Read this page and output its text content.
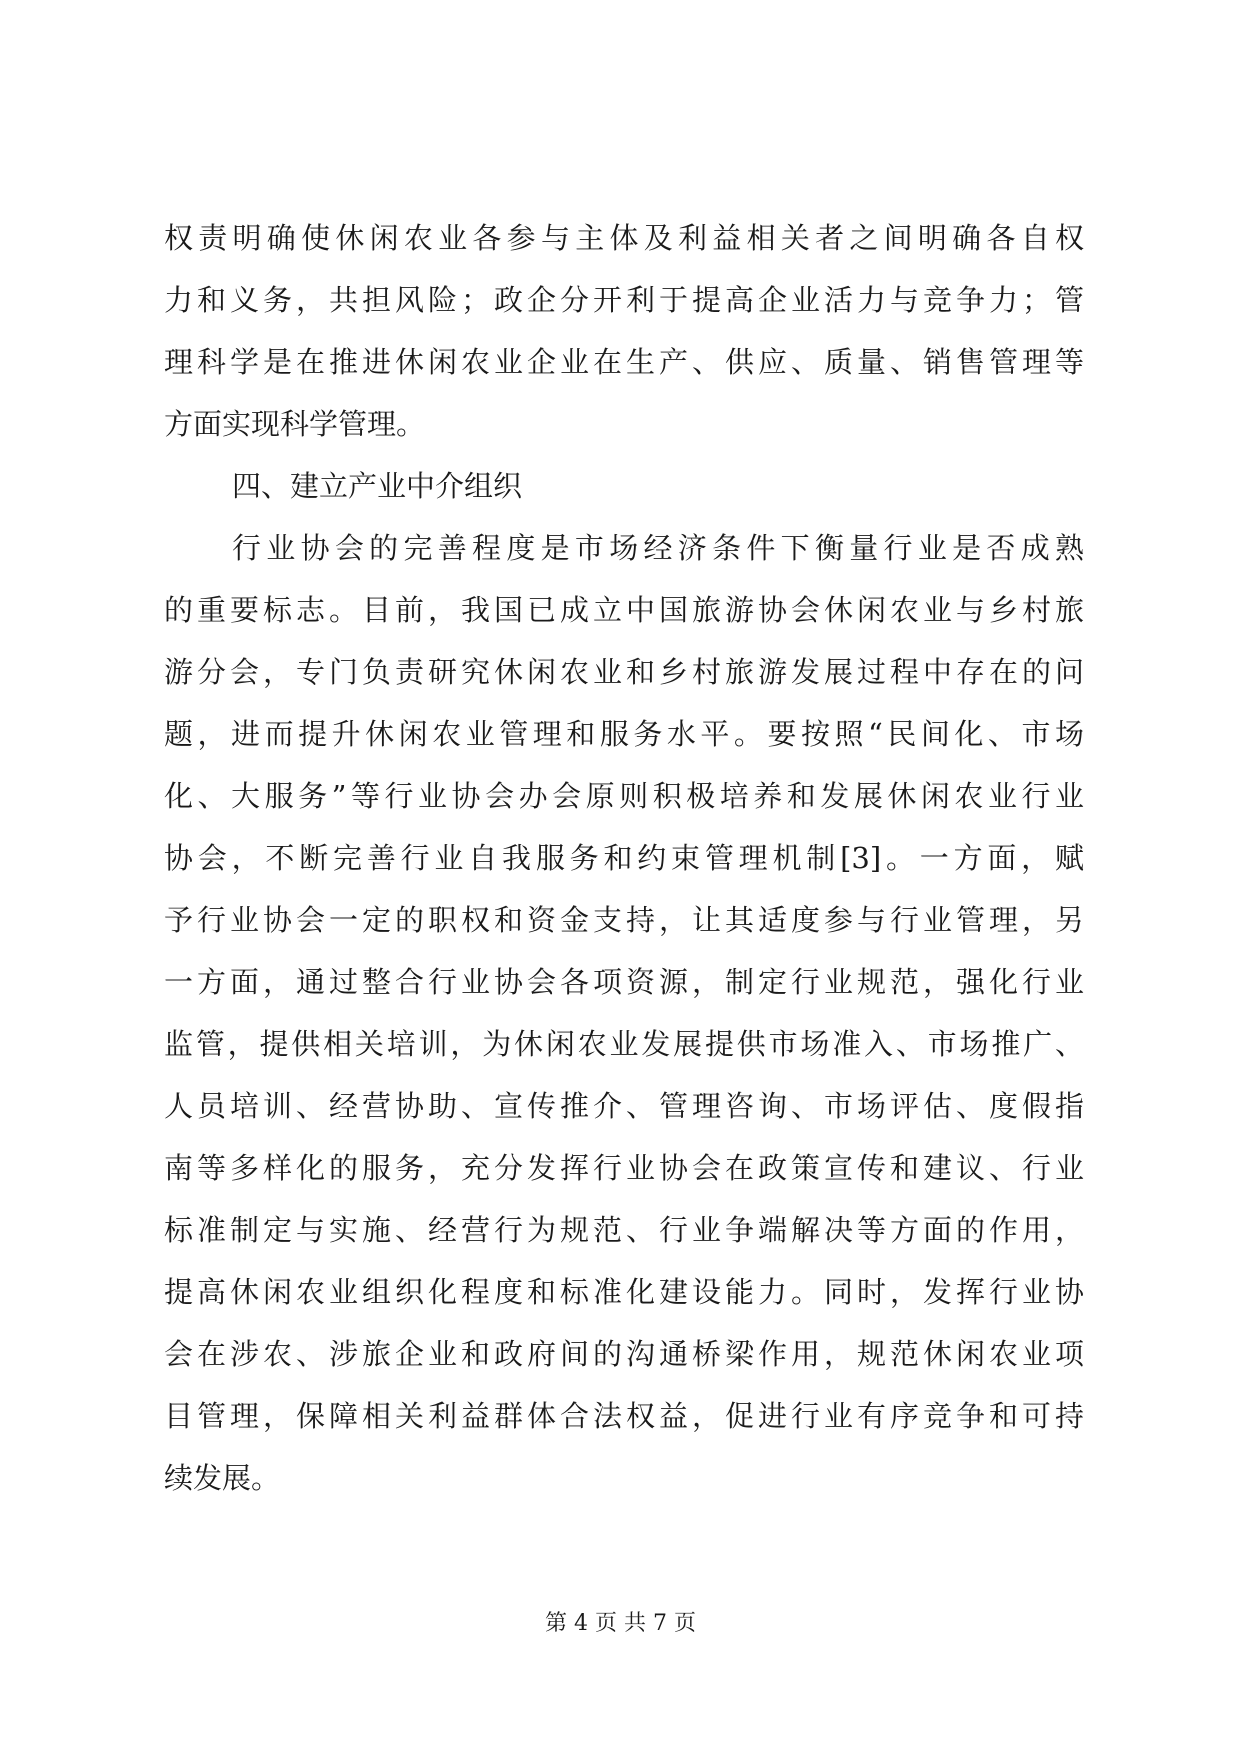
权责明确使休闲农业各参与主体及利益相关者之间明确各自权
力和义务，共担风险；政企分开利于提高企业活力与竞争力；管
理科学是在推进休闲农业企业在生产、供应、质量、销售管理等
方面实现科学管理。
四、建立产业中介组织
行业协会的完善程度是市场经济条件下衡量行业是否成熟
的重要标志。目前，我国已成立中国旅游协会休闲农业与乡村旅
游分会，专门负责研究休闲农业和乡村旅游发展过程中存在的问
题，进而提升休闲农业管理和服务水平。要按照“民间化、市场
化、大服务”等行业协会办会原则积极培养和发展休闲农业行业
协会，不断完善行业自我服务和约束管理机制[3]。一方面，赋
予行业协会一定的职权和资金支持，让其适度参与行业管理，另
一方面，通过整合行业协会各项资源，制定行业规范，强化行业
监管，提供相关培训，为休闲农业发展提供市场准入、市场推广、
人员培训、经营协助、宣传推介、管理咨询、市场评估、度假指
南等多样化的服务，充分发挥行业协会在政策宣传和建议、行业
标准制定与实施、经营行为规范、行业争端解决等方面的作用，
提高休闲农业组织化程度和标准化建设能力。同时，发挥行业协
会在涉农、涉旅企业和政府间的沟通桥梁作用，规范休闲农业项
目管理，保障相关利益群体合法权益，促进行业有序竞争和可持
续发展。
第 4 页 共 7 页
